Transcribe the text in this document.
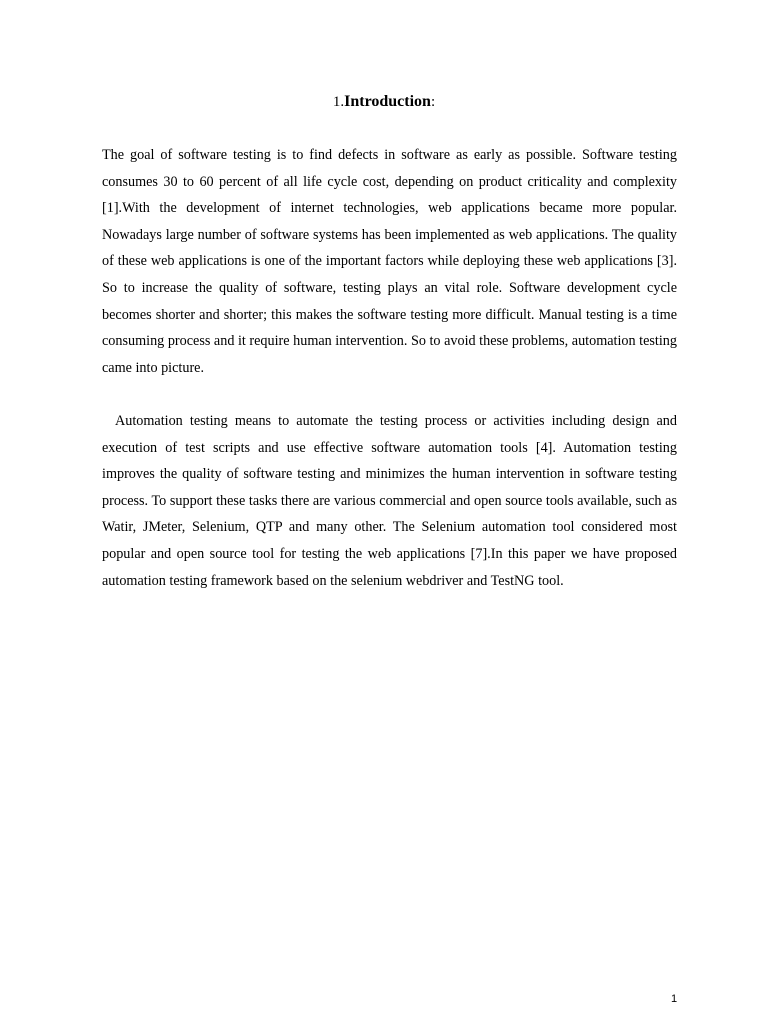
1.Introduction:

The goal of software testing is to find defects in software as early as possible. Software testing consumes 30 to 60 percent of all life cycle cost, depending on product criticality and complexity [1].With the development of internet technologies, web applications became more popular. Nowadays large number of software systems has been implemented as web applications. The quality of these web applications is one of the important factors while deploying these web applications [3]. So to increase the quality of software, testing plays an vital role. Software development cycle becomes shorter and shorter; this makes the software testing more difficult. Manual testing is a time consuming process and it require human intervention. So to avoid these problems, automation testing came into picture.

Automation testing means to automate the testing process or activities including design and execution of test scripts and use effective software automation tools [4]. Automation testing improves the quality of software testing and minimizes the human intervention in software testing process. To support these tasks there are various commercial and open source tools available, such as Watir, JMeter, Selenium, QTP and many other. The Selenium automation tool considered most popular and open source tool for testing the web applications [7].In this paper we have proposed automation testing framework based on the selenium webdriver and TestNG tool.

1
